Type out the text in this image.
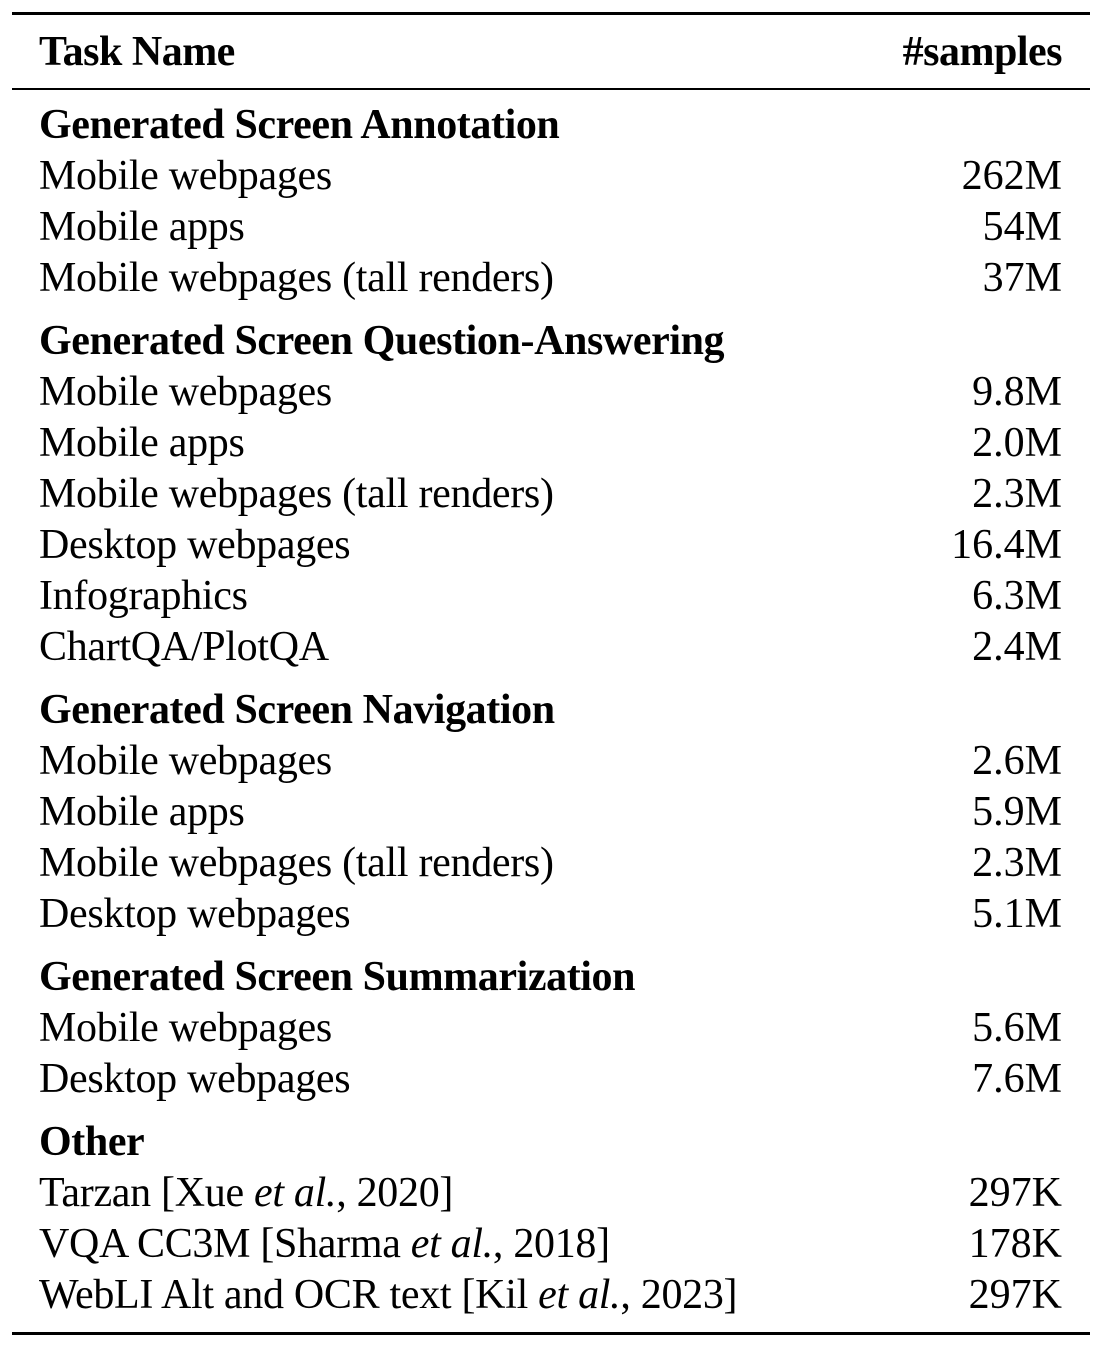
Task Name	#samples
Generated Screen Annotation
Mobile webpages	262M
Mobile apps	54M
Mobile webpages (tall renders)	37M
Generated Screen Question-Answering
Mobile webpages	9.8M
Mobile apps	2.0M
Mobile webpages (tall renders)	2.3M
Desktop webpages	16.4M
Infographics	6.3M
ChartQA/PlotQA	2.4M
Generated Screen Navigation
Mobile webpages	2.6M
Mobile apps	5.9M
Mobile webpages (tall renders)	2.3M
Desktop webpages	5.1M
Generated Screen Summarization
Mobile webpages	5.6M
Desktop webpages	7.6M
Other
Tarzan [Xue et al., 2020]	297K
VQA CC3M [Sharma et al., 2018]	178K
WebLI Alt and OCR text [Kil et al., 2023]	297K
